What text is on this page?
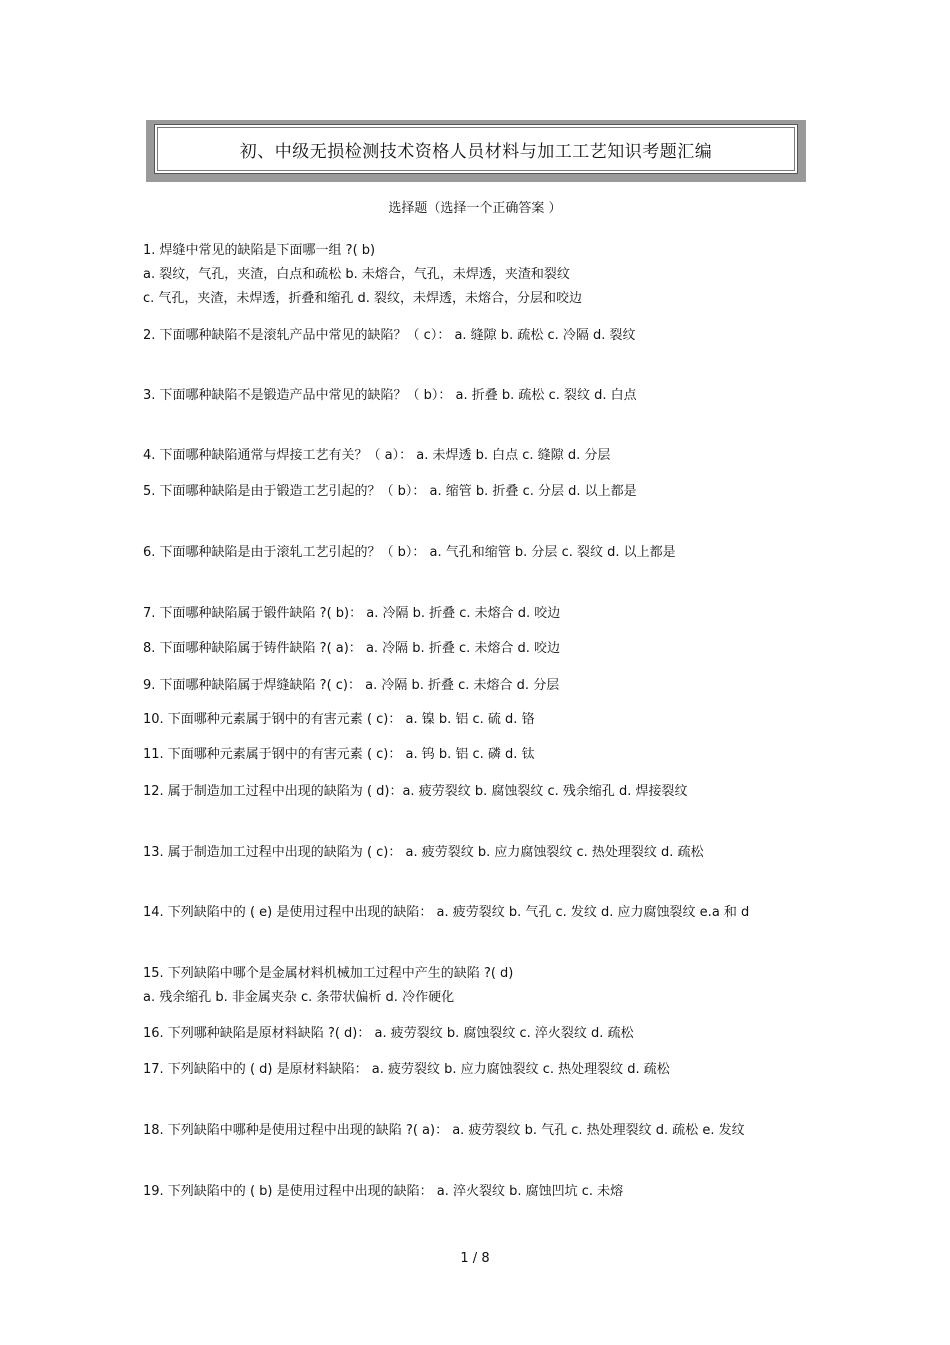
初、中级无损检测技术资格人员材料与加工工艺知识考题汇编
选择题（选择一个正确答案 ）
1. 焊缝中常见的缺陷是下面哪一组 ?( b)
a. 裂纹，气孔，夹渣，白点和疏松 b. 未熔合，气孔，未焊透，夹渣和裂纹
c. 气孔，夹渣，未焊透，折叠和缩孔 d. 裂纹，未焊透，未熔合，分层和咬边
2. 下面哪种缺陷不是滚轧产品中常见的缺陷？（ c）： a. 缝隙 b. 疏松 c. 冷隔 d. 裂纹
3. 下面哪种缺陷不是锻造产品中常见的缺陷？（ b）： a. 折叠 b. 疏松 c. 裂纹 d. 白点
4. 下面哪种缺陷通常与焊接工艺有关？（ a）： a. 未焊透 b. 白点 c. 缝隙 d. 分层
5. 下面哪种缺陷是由于锻造工艺引起的？（ b）： a. 缩管 b. 折叠 c. 分层 d. 以上都是
6. 下面哪种缺陷是由于滚轧工艺引起的？（ b）： a. 气孔和缩管 b. 分层 c. 裂纹 d. 以上都是
7. 下面哪种缺陷属于锻件缺陷 ?( b)： a. 冷隔 b. 折叠 c. 未熔合 d. 咬边
8. 下面哪种缺陷属于铸件缺陷 ?( a)： a. 冷隔 b. 折叠 c. 未熔合 d. 咬边
9. 下面哪种缺陷属于焊缝缺陷 ?( c)： a. 冷隔 b. 折叠 c. 未熔合 d. 分层
10. 下面哪种元素属于钢中的有害元素 ( c)： a. 镍 b. 铝 c. 硫 d. 铬
11. 下面哪种元素属于钢中的有害元素 ( c)： a. 钨 b. 铝 c. 磷 d. 钛
12. 属于制造加工过程中出现的缺陷为 ( d)：a. 疲劳裂纹 b. 腐蚀裂纹 c. 残余缩孔 d. 焊接裂纹
13. 属于制造加工过程中出现的缺陷为 ( c)： a. 疲劳裂纹 b. 应力腐蚀裂纹 c. 热处理裂纹 d. 疏松
14. 下列缺陷中的 ( e) 是使用过程中出现的缺陷： a. 疲劳裂纹 b. 气孔 c. 发纹 d. 应力腐蚀裂纹 e.a 和 d
15. 下列缺陷中哪个是金属材料机械加工过程中产生的缺陷 ?( d)
a. 残余缩孔 b. 非金属夹杂 c. 条带状偏析 d. 冷作硬化
16. 下列哪种缺陷是原材料缺陷 ?( d)： a. 疲劳裂纹 b. 腐蚀裂纹 c. 淬火裂纹 d. 疏松
17. 下列缺陷中的 ( d) 是原材料缺陷： a. 疲劳裂纹 b. 应力腐蚀裂纹 c. 热处理裂纹 d. 疏松
18. 下列缺陷中哪种是使用过程中出现的缺陷 ?( a)： a. 疲劳裂纹 b. 气孔 c. 热处理裂纹 d. 疏松 e. 发纹
19. 下列缺陷中的 ( b) 是使用过程中出现的缺陷： a. 淬火裂纹 b. 腐蚀凹坑 c. 未熔
1 / 8
